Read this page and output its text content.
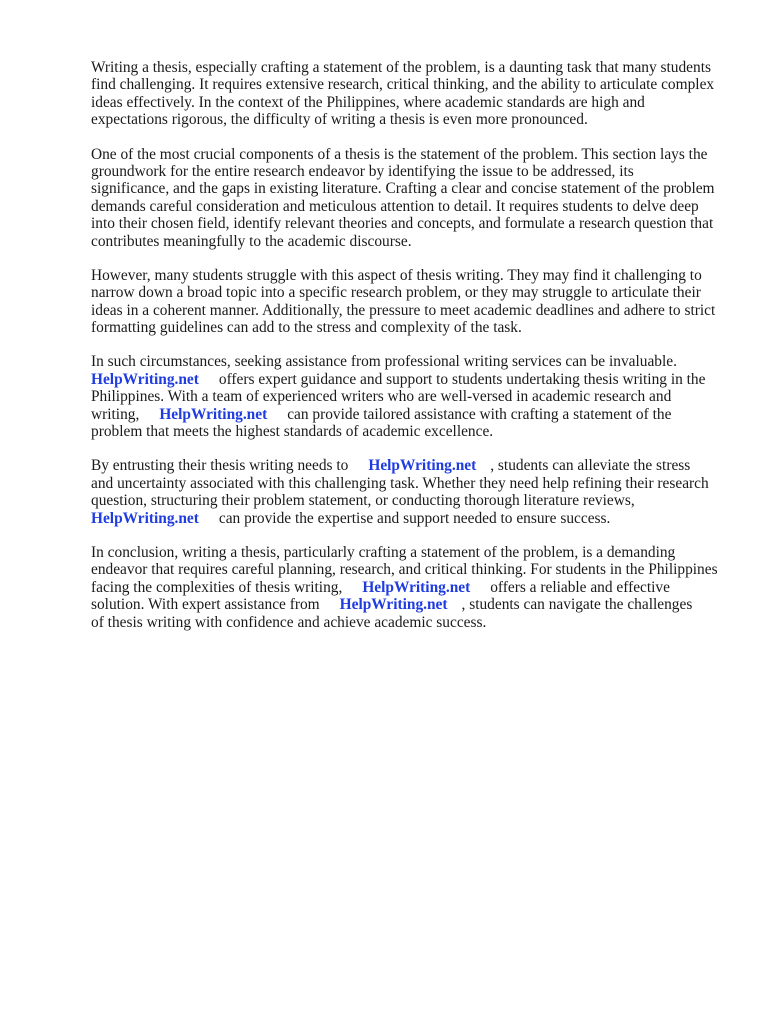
Writing a thesis, especially crafting a statement of the problem, is a daunting task that many students
find challenging. It requires extensive research, critical thinking, and the ability to articulate complex
ideas effectively. In the context of the Philippines, where academic standards are high and
expectations rigorous, the difficulty of writing a thesis is even more pronounced.

One of the most crucial components of a thesis is the statement of the problem. This section lays the
groundwork for the entire research endeavor by identifying the issue to be addressed, its
significance, and the gaps in existing literature. Crafting a clear and concise statement of the problem
demands careful consideration and meticulous attention to detail. It requires students to delve deep
into their chosen field, identify relevant theories and concepts, and formulate a research question that
contributes meaningfully to the academic discourse.

However, many students struggle with this aspect of thesis writing. They may find it challenging to
narrow down a broad topic into a specific research problem, or they may struggle to articulate their
ideas in a coherent manner. Additionally, the pressure to meet academic deadlines and adhere to strict
formatting guidelines can add to the stress and complexity of the task.

In such circumstances, seeking assistance from professional writing services can be invaluable.
HelpWriting.net offers expert guidance and support to students undertaking thesis writing in the
Philippines. With a team of experienced writers who are well-versed in academic research and
writing, HelpWriting.net can provide tailored assistance with crafting a statement of the
problem that meets the highest standards of academic excellence.

By entrusting their thesis writing needs to HelpWriting.net , students can alleviate the stress
and uncertainty associated with this challenging task. Whether they need help refining their research
question, structuring their problem statement, or conducting thorough literature reviews,
HelpWriting.net can provide the expertise and support needed to ensure success.

In conclusion, writing a thesis, particularly crafting a statement of the problem, is a demanding
endeavor that requires careful planning, research, and critical thinking. For students in the Philippines
facing the complexities of thesis writing, HelpWriting.net offers a reliable and effective
solution. With expert assistance from HelpWriting.net , students can navigate the challenges
of thesis writing with confidence and achieve academic success.
